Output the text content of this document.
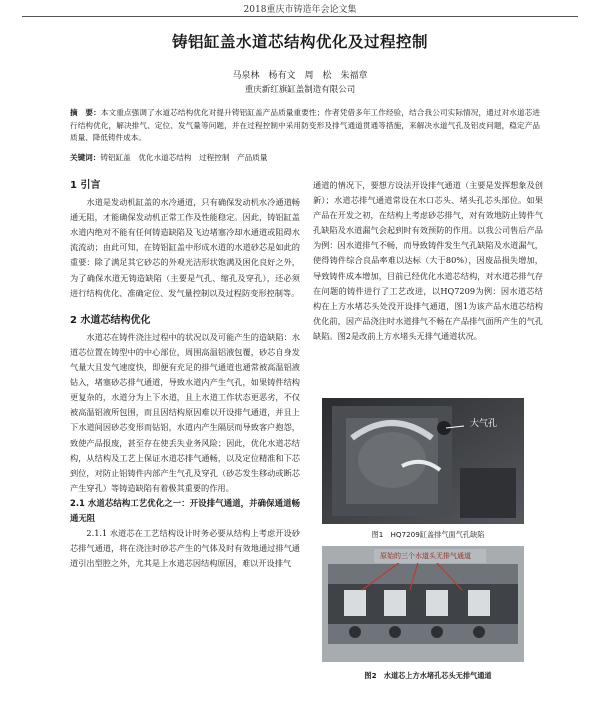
2018重庆市铸造年会论文集
铸铝缸盖水道芯结构优化及过程控制
马泉林　杨有文　周　松　朱福章
重庆新红旗缸盖制造有限公司
摘　要：本文重点强调了水道芯结构优化对提升铸铝缸盖产品质量重要性；作者凭借多年工作经验，结合我公司实际情况，通过对水道芯进行结构优化，解决排气、定位、发气量等问题，并在过程控制中采用防变形及排气通道贯通等措施，来解决水道气孔及铝皮问题，稳定产品质量、降低铸件成本。
关键词：铸铝缸盖　优化水道芯结构　过程控制　产品质量
1 引言

水道是发动机缸盖的水冷通道，只有确保发动机水冷通道畅通无阻，才能确保发动机正常工作及性能稳定。因此，铸铝缸盖水道内绝对不能有任何铸造缺陷及飞边堵塞冷却水通道或阻碍水流流动；由此可知，在铸铝缸盖中形成水道的水道砂芯是如此的重要：除了满足其它砂芯的外观光洁形状饱满及困化良好之外，为了确保水道无铸造缺陷（主要是气孔、缩孔及穿孔），还必须进行结构优化、准确定位、发气量控制以及过程防变形控制等。

2 水道芯结构优化

水道芯在铸件浇注过程中的状况以及可能产生的造缺陷：水道芯位置在铸型中的中心部位，周围高温铝液包覆，砂芯自身发气量大且发气速度快，即便有充足的排气通道也通常被高温铝液钻入，堵塞砂芯排气通道，导致水道内产生气孔，如果铸件结构更复杂的，水道分为上下水道，且上水道工作状态更恶劣，不仅被高温铝液所包围，而且因结构原因难以开设排气通道，并且上下水道间因砂芯变形而钻铝，水道内产生隔层而导致客户抱怨，致使产品报废，甚至存在使丢失业务风险；因此，优化水道芯结构，从结构及工艺上保证水道芯排气通畅，以及定位精准和下芯到位，对防止铝铸件内部产生气孔及穿孔（砂芯发生移动或断芯产生穿孔）等铸造缺陷有着极其重要的作用。

2.1 水道芯结构工艺优化之一：开设排气通道，并确保通道畅通无阻

2.1.1 水道芯在工艺结构设计时务必要从结构上考虑开设砂芯排气通道，将在浇注时砂芯产生的气体及时有效地通过排气通道引出型腔之外，尤其是上水道芯因结构原因，难以开设排气

通道的情况下，要想方设法开设排气通道（主要是发挥想象及创新）；水道芯排气通道常设在水口芯头、堵头孔芯头部位。如果产品在开发之初，在结构上考虑砂芯排气，对有效地防止铸件气孔缺陷及水道漏气会起到时有效预防的作用。以我公司售后产品为例：因水道排气不畅，而导致铸件发生气孔缺陷及水道漏气，使得铸件综合良品率难以达标（大于80%），因废品损失增加，导致铸件成本增加，目前已经优化水道芯结构，对水道芯排气存在问题的铸件进行了工艺改进，以HQ7209为例：因水道芯结构在上方水堵芯头处没开设排气通道，图1为该产品水道芯结构优化前，因产品浇注时水道排气不畅在产品排气面所产生的气孔缺陷。图2是改前上方水堵头无排气通道状况。

大气孔
图1　HQ7209缸盖排气面气孔缺陷
原始的三个水道头无排气通道
图2　水道芯上方水堵孔芯头无排气通道
